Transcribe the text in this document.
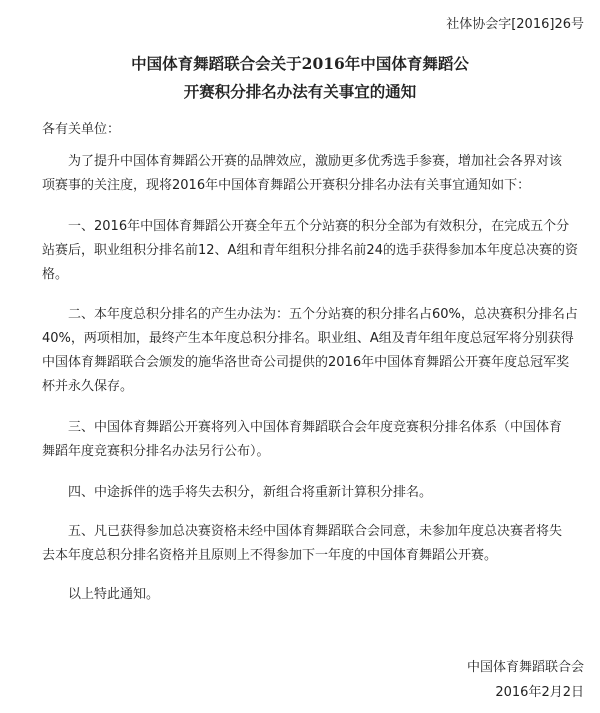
社体协会字[2016]26号
中国体育舞蹈联合会关于2016年中国体育舞蹈公
开赛积分排名办法有关事宜的通知
各有关单位：
为了提升中国体育舞蹈公开赛的品牌效应，激励更多优秀选手参赛，增加社会各界对该
项赛事的关注度，现将2016年中国体育舞蹈公开赛积分排名办法有关事宜通知如下：
一、2016年中国体育舞蹈公开赛全年五个分站赛的积分全部为有效积分，在完成五个分
站赛后，职业组积分排名前12、A组和青年组积分排名前24的选手获得参加本年度总决赛的资
格。
二、本年度总积分排名的产生办法为：五个分站赛的积分排名占60%，总决赛积分排名占
40%，两项相加，最终产生本年度总积分排名。职业组、A组及青年组年度总冠军将分别获得
中国体育舞蹈联合会颁发的施华洛世奇公司提供的2016年中国体育舞蹈公开赛年度总冠军奖
杯并永久保存。
三、中国体育舞蹈公开赛将列入中国体育舞蹈联合会年度竞赛积分排名体系（中国体育
舞蹈年度竞赛积分排名办法另行公布）。
四、中途拆伴的选手将失去积分，新组合将重新计算积分排名。
五、凡已获得参加总决赛资格未经中国体育舞蹈联合会同意，未参加年度总决赛者将失
去本年度总积分排名资格并且原则上不得参加下一年度的中国体育舞蹈公开赛。
以上特此通知。
中国体育舞蹈联合会
2016年2月2日
